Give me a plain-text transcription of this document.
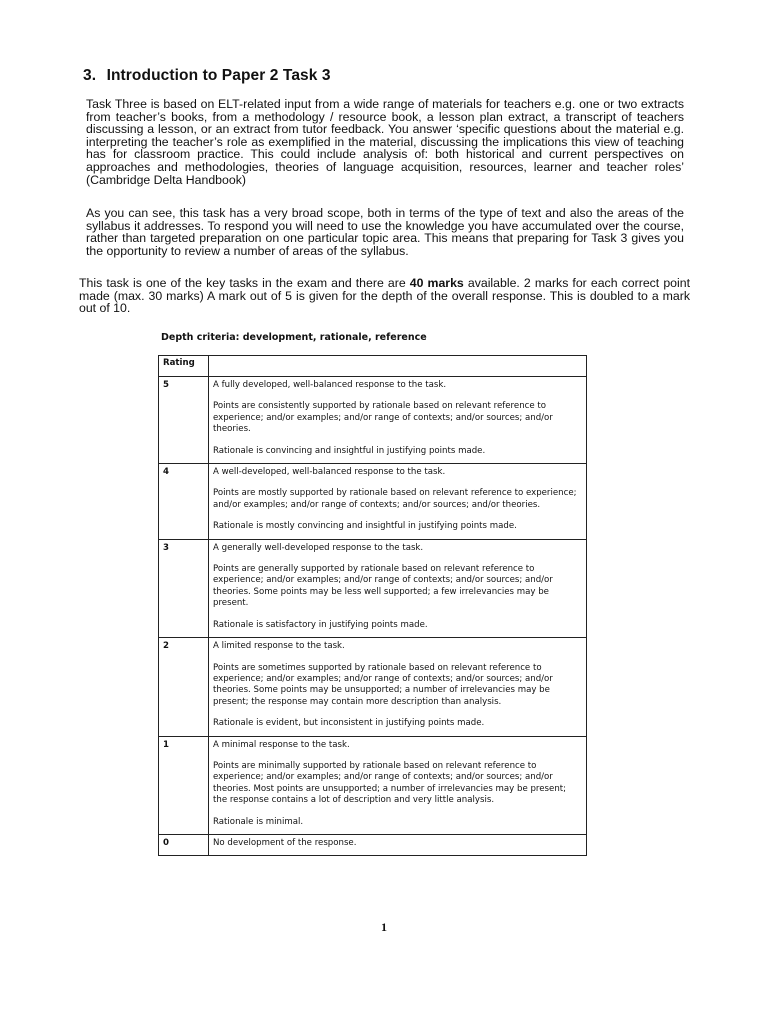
3. Introduction to Paper 2 Task 3

Task Three is based on ELT-related input from a wide range of materials for teachers e.g. one or two extracts from teacher’s books, from a methodology / resource book, a lesson plan extract, a transcript of teachers discussing a lesson, or an extract from tutor feedback. You answer ‘specific questions about the material e.g. interpreting the teacher’s role as exemplified in the material, discussing the implications this view of teaching has for classroom practice. This could include analysis of: both historical and current perspectives on approaches and methodologies, theories of language acquisition, resources, learner and teacher roles’ (Cambridge Delta Handbook)

As you can see, this task has a very broad scope, both in terms of the type of text and also the areas of the syllabus it addresses. To respond you will need to use the knowledge you have accumulated over the course, rather than targeted preparation on one particular topic area. This means that preparing for Task 3 gives you the opportunity to review a number of areas of the syllabus.

This task is one of the key tasks in the exam and there are 40 marks available. 2 marks for each correct point made (max. 30 marks) A mark out of 5 is given for the depth of the overall response. This is doubled to a mark out of 10.

Depth criteria: development, rationale, reference

Rating	
5	A fully developed, well-balanced response to the task.

Points are consistently supported by rationale based on relevant reference to experience; and/or examples; and/or range of contexts; and/or sources; and/or theories.

Rationale is convincing and insightful in justifying points made.

4	A well-developed, well-balanced response to the task.

Points are mostly supported by rationale based on relevant reference to experience; and/or examples; and/or range of contexts; and/or sources; and/or theories.

Rationale is mostly convincing and insightful in justifying points made.

3	A generally well-developed response to the task.

Points are generally supported by rationale based on relevant reference to experience; and/or examples; and/or range of contexts; and/or sources; and/or theories. Some points may be less well supported; a few irrelevancies may be present.

Rationale is satisfactory in justifying points made.

2	A limited response to the task.

Points are sometimes supported by rationale based on relevant reference to experience; and/or examples; and/or range of contexts; and/or sources; and/or theories. Some points may be unsupported; a number of irrelevancies may be present; the response may contain more description than analysis.

Rationale is evident, but inconsistent in justifying points made.

1	A minimal response to the task.

Points are minimally supported by rationale based on relevant reference to experience; and/or examples; and/or range of contexts; and/or sources; and/or theories. Most points are unsupported; a number of irrelevancies may be present; the response contains a lot of description and very little analysis.

Rationale is minimal.

0	No development of the response.

1
